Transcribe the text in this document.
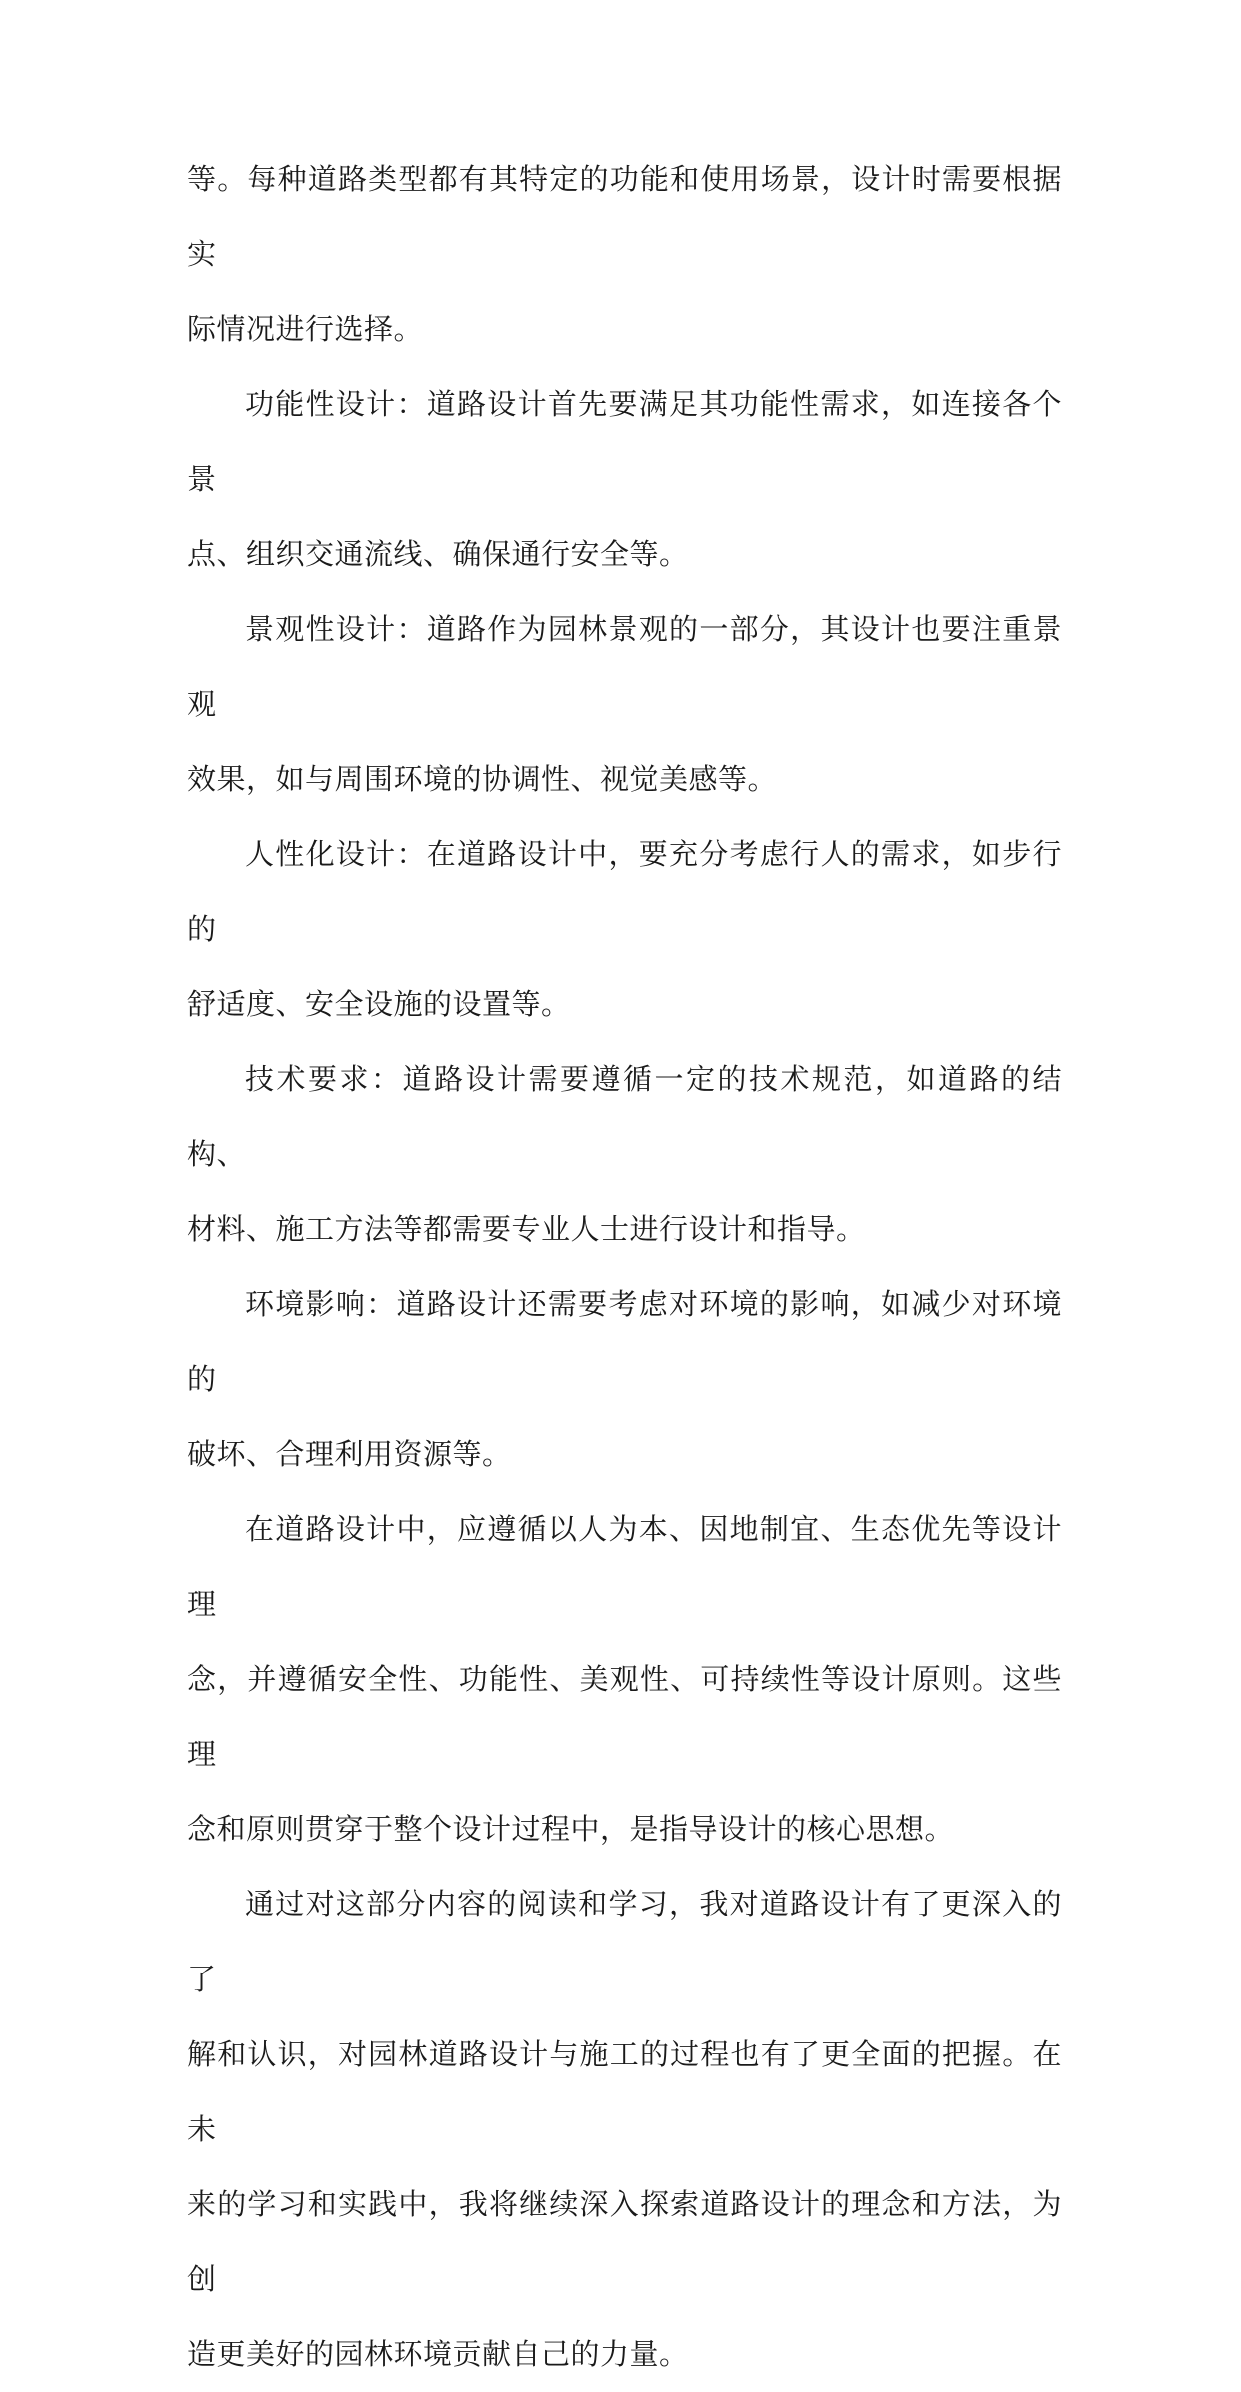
等。每种道路类型都有其特定的功能和使用场景，设计时需要根据实
际情况进行选择。

功能性设计：道路设计首先要满足其功能性需求，如连接各个景
点、组织交通流线、确保通行安全等。

景观性设计：道路作为园林景观的一部分，其设计也要注重景观
效果，如与周围环境的协调性、视觉美感等。

人性化设计：在道路设计中，要充分考虑行人的需求，如步行的
舒适度、安全设施的设置等。

技术要求：道路设计需要遵循一定的技术规范，如道路的结构、
材料、施工方法等都需要专业人士进行设计和指导。

环境影响：道路设计还需要考虑对环境的影响，如减少对环境的
破坏、合理利用资源等。

在道路设计中，应遵循以人为本、因地制宜、生态优先等设计理
念，并遵循安全性、功能性、美观性、可持续性等设计原则。这些理
念和原则贯穿于整个设计过程中，是指导设计的核心思想。

通过对这部分内容的阅读和学习，我对道路设计有了更深入的了
解和认识，对园林道路设计与施工的过程也有了更全面的把握。在未
来的学习和实践中，我将继续深入探索道路设计的理念和方法，为创
造更美好的园林环境贡献自己的力量。
